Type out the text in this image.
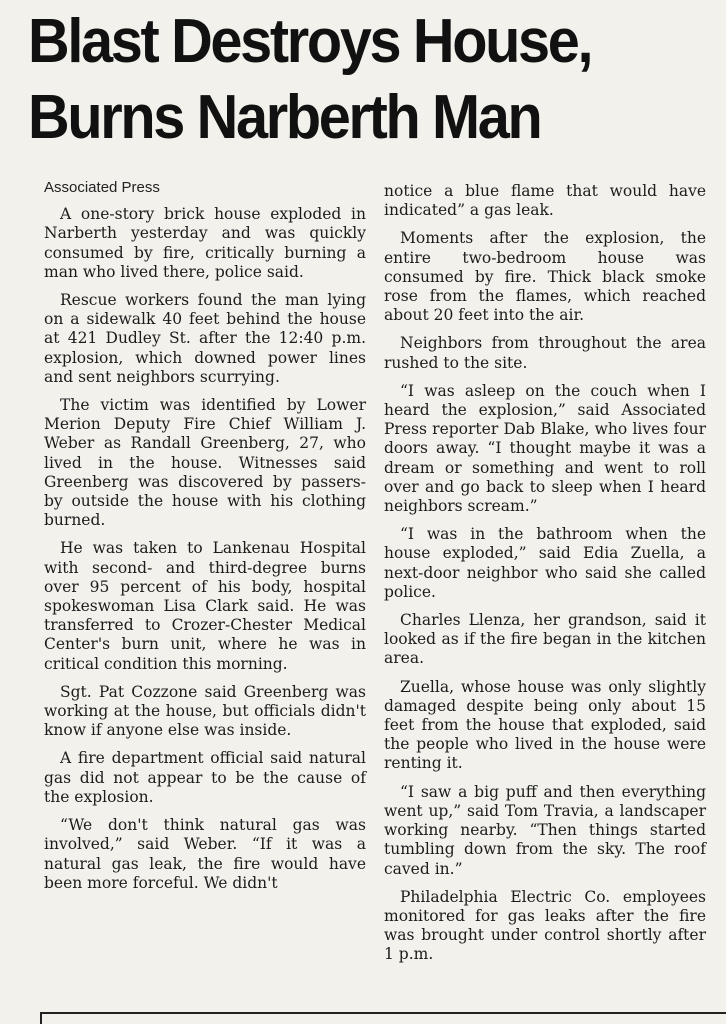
Blast Destroys House,
Burns Narberth Man
Associated Press

A one-story brick house exploded in Narberth yesterday and was quickly consumed by fire, critically burning a man who lived there, police said.

Rescue workers found the man lying on a sidewalk 40 feet behind the house at 421 Dudley St. after the 12:40 p.m. explosion, which downed power lines and sent neighbors scurrying.

The victim was identified by Lower Merion Deputy Fire Chief William J. Weber as Randall Greenberg, 27, who lived in the house. Witnesses said Greenberg was discovered by passers-by outside the house with his clothing burned.

He was taken to Lankenau Hospital with second- and third-degree burns over 95 percent of his body, hospital spokeswoman Lisa Clark said. He was transferred to Crozer-Chester Medical Center's burn unit, where he was in critical condition this morning.

Sgt. Pat Cozzone said Greenberg was working at the house, but officials didn't know if anyone else was inside.

A fire department official said natural gas did not appear to be the cause of the explosion.

“We don't think natural gas was involved,” said Weber. “If it was a natural gas leak, the fire would have been more forceful. We didn't

notice a blue flame that would have indicated” a gas leak.

Moments after the explosion, the entire two-bedroom house was consumed by fire. Thick black smoke rose from the flames, which reached about 20 feet into the air.

Neighbors from throughout the area rushed to the site.

“I was asleep on the couch when I heard the explosion,” said Associated Press reporter Dab Blake, who lives four doors away. “I thought maybe it was a dream or something and went to roll over and go back to sleep when I heard neighbors scream.”

“I was in the bathroom when the house exploded,” said Edia Zuella, a next-door neighbor who said she called police.

Charles Llenza, her grandson, said it looked as if the fire began in the kitchen area.

Zuella, whose house was only slightly damaged despite being only about 15 feet from the house that exploded, said the people who lived in the house were renting it.

“I saw a big puff and then everything went up,” said Tom Travia, a landscaper working nearby. “Then things started tumbling down from the sky. The roof caved in.”

Philadelphia Electric Co. employees monitored for gas leaks after the fire was brought under control shortly after 1 p.m.
